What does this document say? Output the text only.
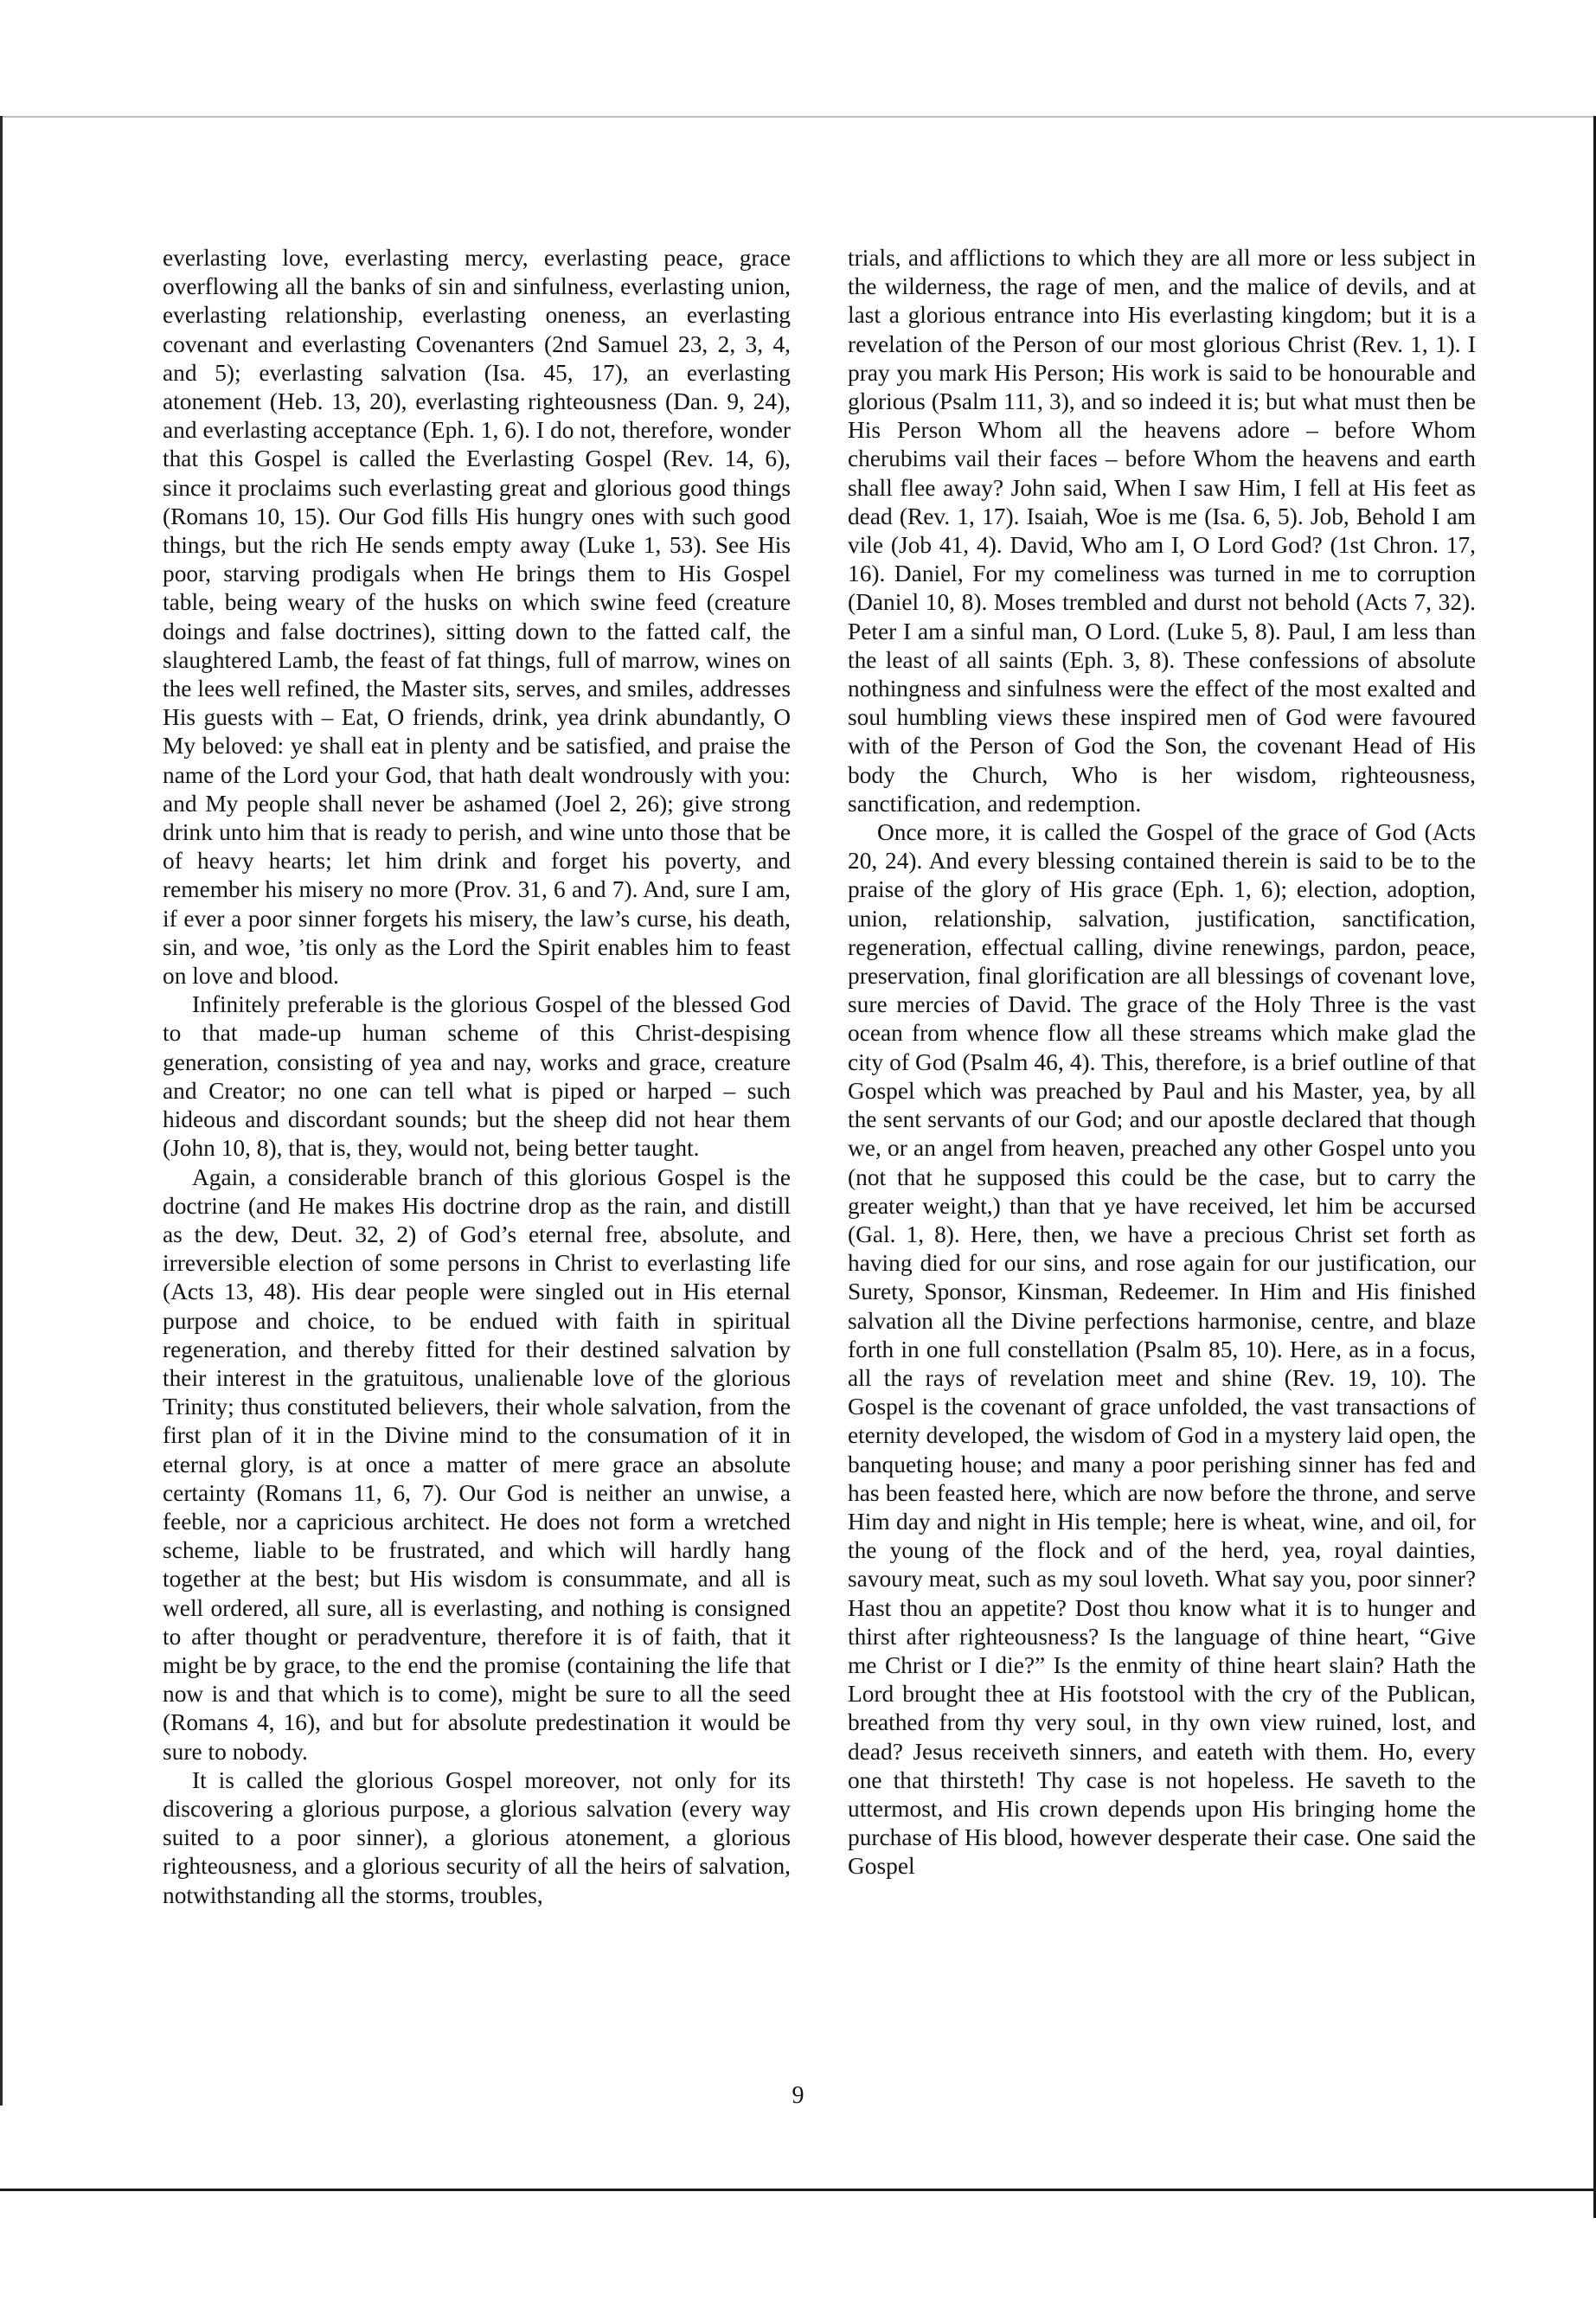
everlasting love, everlasting mercy, everlasting peace, grace overflowing all the banks of sin and sinfulness, everlasting union, everlasting relationship, everlasting oneness, an everlasting covenant and everlasting Covenanters (2nd Samuel 23, 2, 3, 4, and 5); everlasting salvation (Isa. 45, 17), an everlasting atonement (Heb. 13, 20), everlasting righteousness (Dan. 9, 24), and everlasting acceptance (Eph. 1, 6). I do not, therefore, wonder that this Gospel is called the Everlasting Gospel (Rev. 14, 6), since it proclaims such everlasting great and glorious good things (Romans 10, 15). Our God fills His hungry ones with such good things, but the rich He sends empty away (Luke 1, 53). See His poor, starving prodigals when He brings them to His Gospel table, being weary of the husks on which swine feed (creature doings and false doctrines), sitting down to the fatted calf, the slaughtered Lamb, the feast of fat things, full of marrow, wines on the lees well refined, the Master sits, serves, and smiles, addresses His guests with – Eat, O friends, drink, yea drink abundantly, O My beloved: ye shall eat in plenty and be satisfied, and praise the name of the Lord your God, that hath dealt wondrously with you: and My people shall never be ashamed (Joel 2, 26); give strong drink unto him that is ready to perish, and wine unto those that be of heavy hearts; let him drink and forget his poverty, and remember his misery no more (Prov. 31, 6 and 7). And, sure I am, if ever a poor sinner forgets his misery, the law’s curse, his death, sin, and woe, ’tis only as the Lord the Spirit enables him to feast on love and blood.

Infinitely preferable is the glorious Gospel of the blessed God to that made-up human scheme of this Christ-despising generation, consisting of yea and nay, works and grace, creature and Creator; no one can tell what is piped or harped – such hideous and discordant sounds; but the sheep did not hear them (John 10, 8), that is, they, would not, being better taught.

Again, a considerable branch of this glorious Gospel is the doctrine (and He makes His doctrine drop as the rain, and distill as the dew, Deut. 32, 2) of God’s eternal free, absolute, and irreversible election of some persons in Christ to everlasting life (Acts 13, 48). His dear people were singled out in His eternal purpose and choice, to be endued with faith in spiritual regeneration, and thereby fitted for their destined salvation by their interest in the gratuitous, unalienable love of the glorious Trinity; thus constituted believers, their whole salvation, from the first plan of it in the Divine mind to the consumation of it in eternal glory, is at once a matter of mere grace an absolute certainty (Romans 11, 6, 7). Our God is neither an unwise, a feeble, nor a capricious architect. He does not form a wretched scheme, liable to be frustrated, and which will hardly hang together at the best; but His wisdom is consummate, and all is well ordered, all sure, all is everlasting, and nothing is consigned to after thought or peradventure, therefore it is of faith, that it might be by grace, to the end the promise (containing the life that now is and that which is to come), might be sure to all the seed (Romans 4, 16), and but for absolute predestination it would be sure to nobody.

It is called the glorious Gospel moreover, not only for its discovering a glorious purpose, a glorious salvation (every way suited to a poor sinner), a glorious atonement, a glorious righteousness, and a glorious security of all the heirs of salvation, notwithstanding all the storms, troubles,

trials, and afflictions to which they are all more or less subject in the wilderness, the rage of men, and the malice of devils, and at last a glorious entrance into His everlasting kingdom; but it is a revelation of the Person of our most glorious Christ (Rev. 1, 1). I pray you mark His Person; His work is said to be honourable and glorious (Psalm 111, 3), and so indeed it is; but what must then be His Person Whom all the heavens adore – before Whom cherubims vail their faces – before Whom the heavens and earth shall flee away? John said, When I saw Him, I fell at His feet as dead (Rev. 1, 17). Isaiah, Woe is me (Isa. 6, 5). Job, Behold I am vile (Job 41, 4). David, Who am I, O Lord God? (1st Chron. 17, 16). Daniel, For my comeliness was turned in me to corruption (Daniel 10, 8). Moses trembled and durst not behold (Acts 7, 32). Peter I am a sinful man, O Lord. (Luke 5, 8). Paul, I am less than the least of all saints (Eph. 3, 8). These confessions of absolute nothingness and sinfulness were the effect of the most exalted and soul humbling views these inspired men of God were favoured with of the Person of God the Son, the covenant Head of His body the Church, Who is her wisdom, righteousness, sanctification, and redemption.

Once more, it is called the Gospel of the grace of God (Acts 20, 24). And every blessing contained therein is said to be to the praise of the glory of His grace (Eph. 1, 6); election, adoption, union, relationship, salvation, justification, sanctification, regeneration, effectual calling, divine renewings, pardon, peace, preservation, final glorification are all blessings of covenant love, sure mercies of David. The grace of the Holy Three is the vast ocean from whence flow all these streams which make glad the city of God (Psalm 46, 4). This, therefore, is a brief outline of that Gospel which was preached by Paul and his Master, yea, by all the sent servants of our God; and our apostle declared that though we, or an angel from heaven, preached any other Gospel unto you (not that he supposed this could be the case, but to carry the greater weight,) than that ye have received, let him be accursed (Gal. 1, 8). Here, then, we have a precious Christ set forth as having died for our sins, and rose again for our justification, our Surety, Sponsor, Kinsman, Redeemer. In Him and His finished salvation all the Divine perfections harmonise, centre, and blaze forth in one full constellation (Psalm 85, 10). Here, as in a focus, all the rays of revelation meet and shine (Rev. 19, 10). The Gospel is the covenant of grace unfolded, the vast transactions of eternity developed, the wisdom of God in a mystery laid open, the banqueting house; and many a poor perishing sinner has fed and has been feasted here, which are now before the throne, and serve Him day and night in His temple; here is wheat, wine, and oil, for the young of the flock and of the herd, yea, royal dainties, savoury meat, such as my soul loveth. What say you, poor sinner? Hast thou an appetite? Dost thou know what it is to hunger and thirst after righteousness? Is the language of thine heart, “Give me Christ or I die?” Is the enmity of thine heart slain? Hath the Lord brought thee at His footstool with the cry of the Publican, breathed from thy very soul, in thy own view ruined, lost, and dead? Jesus receiveth sinners, and eateth with them. Ho, every one that thirsteth! Thy case is not hopeless. He saveth to the uttermost, and His crown depends upon His bringing home the purchase of His blood, however desperate their case. One said the Gospel

9
